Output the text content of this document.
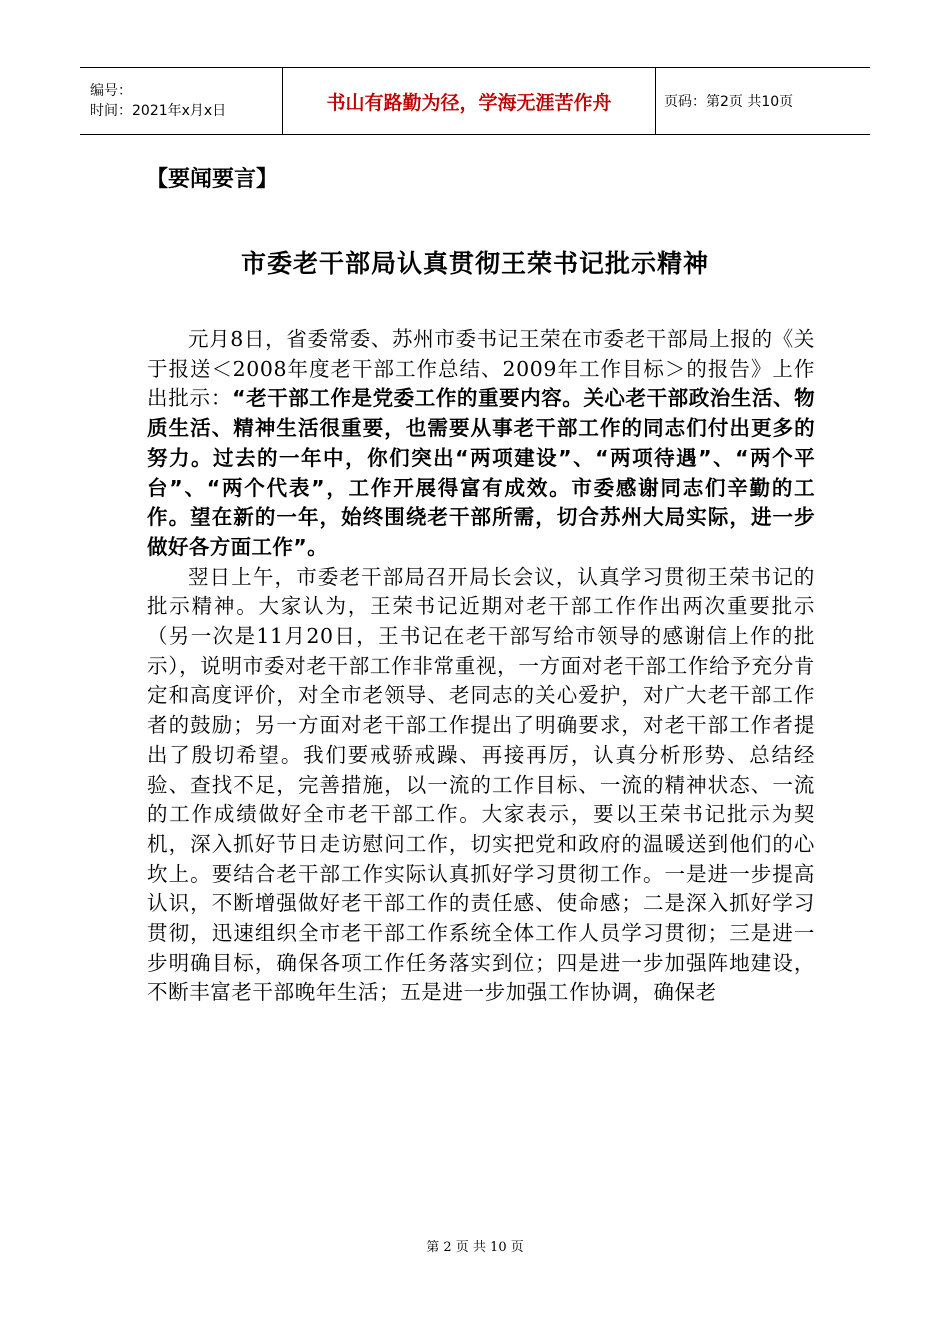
编号：
时间：2021年x月x日	书山有路勤为径，学海无涯苦作舟	页码：第2页 共10页
【要闻要言】
市委老干部局认真贯彻王荣书记批示精神

元月8日，省委常委、苏州市委书记王荣在市委老干部局上报的《关于报送＜2008年度老干部工作总结、2009年工作目标＞的报告》上作出批示：“老干部工作是党委工作的重要内容。关心老干部政治生活、物质生活、精神生活很重要，也需要从事老干部工作的同志们付出更多的努力。过去的一年中，你们突出“两项建设”、“两项待遇”、“两个平台”、“两个代表”，工作开展得富有成效。市委感谢同志们辛勤的工作。望在新的一年，始终围绕老干部所需，切合苏州大局实际，进一步做好各方面工作”。

翌日上午，市委老干部局召开局长会议，认真学习贯彻王荣书记的批示精神。大家认为，王荣书记近期对老干部工作作出两次重要批示（另一次是11月20日，王书记在老干部写给市领导的感谢信上作的批示），说明市委对老干部工作非常重视，一方面对老干部工作给予充分肯定和高度评价，对全市老领导、老同志的关心爱护，对广大老干部工作者的鼓励；另一方面对老干部工作提出了明确要求，对老干部工作者提出了殷切希望。我们要戒骄戒躁、再接再厉，认真分析形势、总结经验、查找不足，完善措施，以一流的工作目标、一流的精神状态、一流的工作成绩做好全市老干部工作。大家表示，要以王荣书记批示为契机，深入抓好节日走访慰问工作，切实把党和政府的温暖送到他们的心坎上。要结合老干部工作实际认真抓好学习贯彻工作。一是进一步提高认识，不断增强做好老干部工作的责任感、使命感；二是深入抓好学习贯彻，迅速组织全市老干部工作系统全体工作人员学习贯彻；三是进一步明确目标，确保各项工作任务落实到位；四是进一步加强阵地建设，不断丰富老干部晚年生活；五是进一步加强工作协调，确保老

第 2 页 共 10 页
